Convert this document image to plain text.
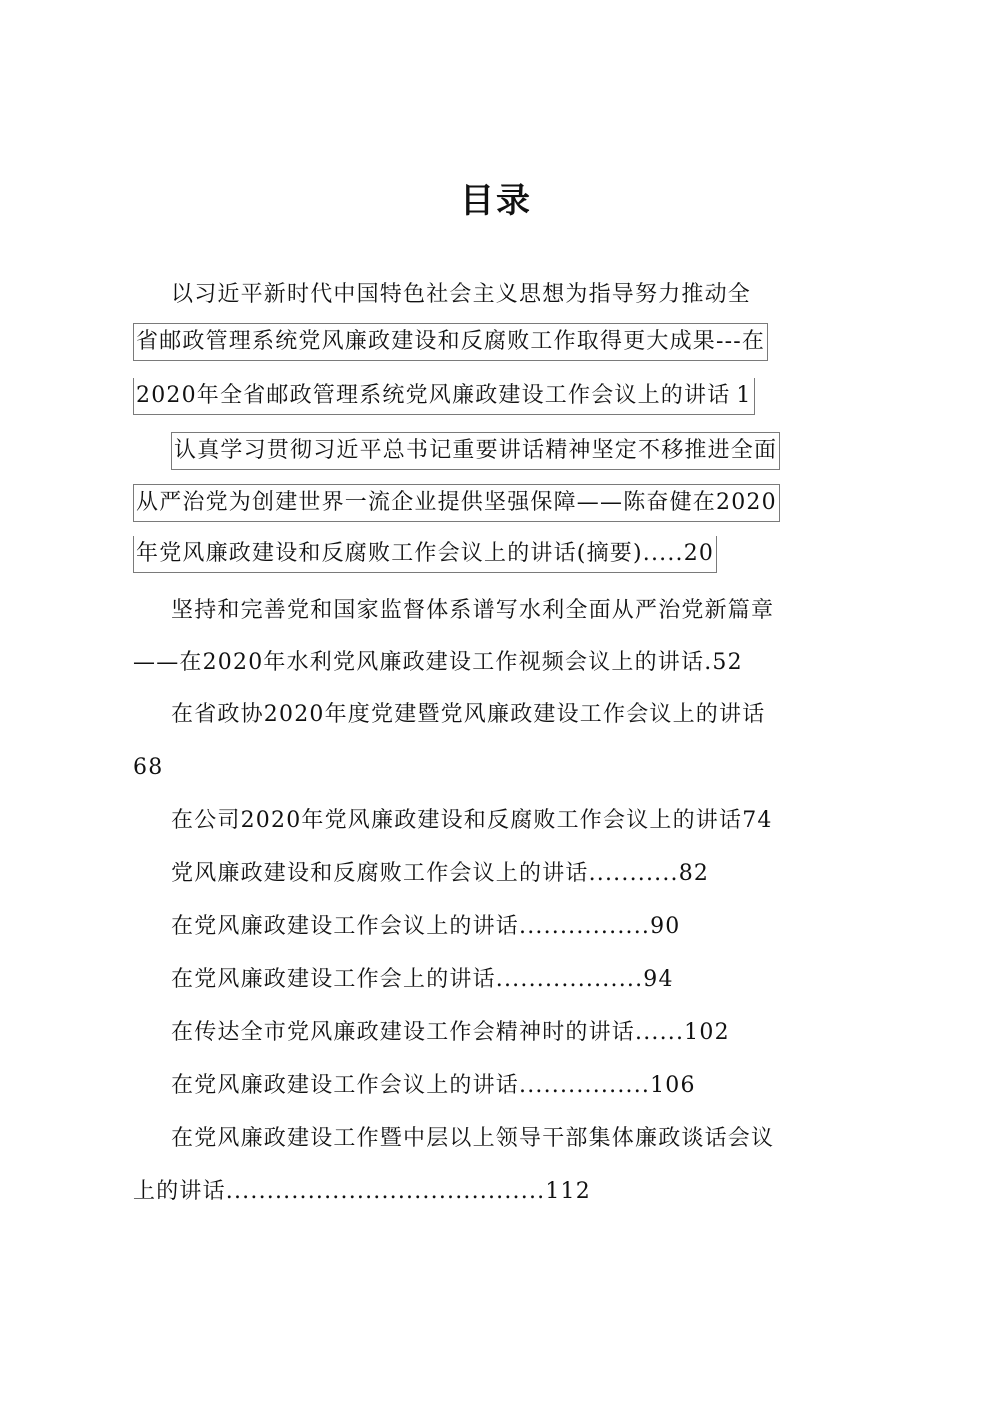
目录
以习近平新时代中国特色社会主义思想为指导努力推动全
省邮政管理系统党风廉政建设和反腐败工作取得更大成果---在
2020年全省邮政管理系统党风廉政建设工作会议上的讲话 1
认真学习贯彻习近平总书记重要讲话精神坚定不移推进全面
从严治党为创建世界一流企业提供坚强保障——陈奋健在2020
年党风廉政建设和反腐败工作会议上的讲话(摘要).....20
坚持和完善党和国家监督体系谱写水利全面从严治党新篇章
——在2020年水利党风廉政建设工作视频会议上的讲话.52
在省政协2020年度党建暨党风廉政建设工作会议上的讲话
68
在公司2020年党风廉政建设和反腐败工作会议上的讲话74
党风廉政建设和反腐败工作会议上的讲话...........82
在党风廉政建设工作会议上的讲话................90
在党风廉政建设工作会上的讲话..................94
在传达全市党风廉政建设工作会精神时的讲话......102
在党风廉政建设工作会议上的讲话................106
在党风廉政建设工作暨中层以上领导干部集体廉政谈话会议
上的讲话.......................................112
